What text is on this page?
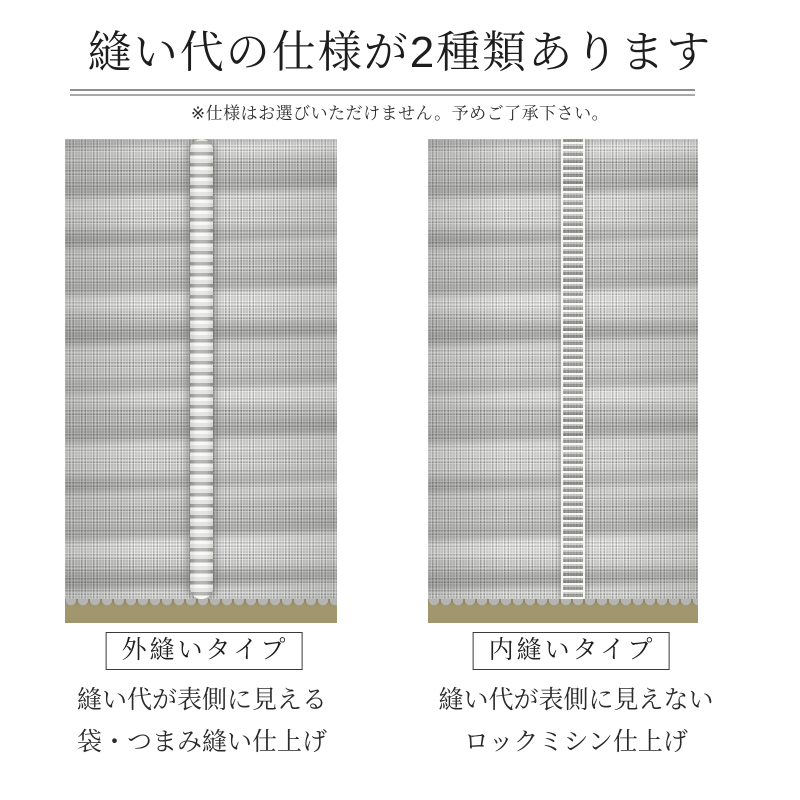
縫い代の仕様が2種類あります
※仕様はお選びいただけません。予めご了承下さい。
外縫いタイプ	内縫いタイプ
縫い代が表側に見える
袋・つまみ縫い仕上げ
縫い代が表側に見えない
ロックミシン仕上げ
